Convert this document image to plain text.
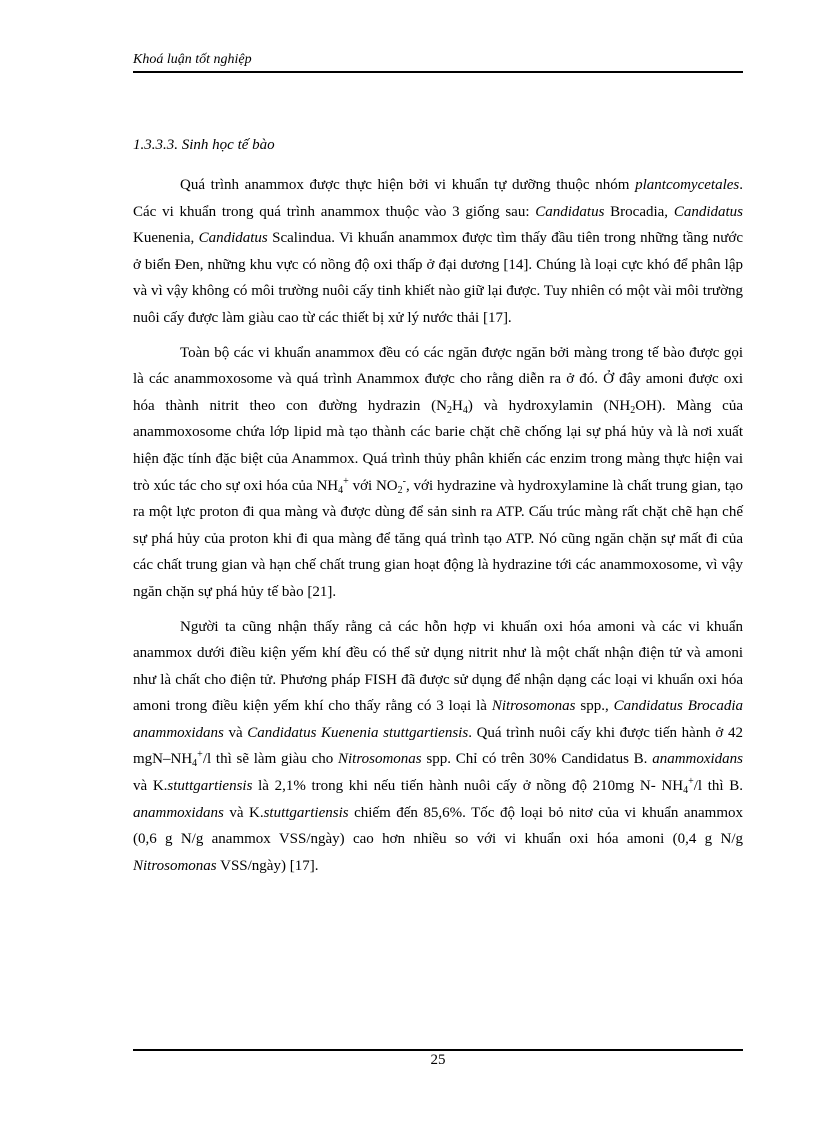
Khoá luận tốt nghiệp
1.3.3.3. Sinh học tế bào

Quá trình anammox được thực hiện bởi vi khuẩn tự dưỡng thuộc nhóm plantcomycetales. Các vi khuẩn trong quá trình anammox thuộc vào 3 giống sau: Candidatus Brocadia, Candidatus Kuenenia, Candidatus Scalindua. Vi khuẩn anammox được tìm thấy đầu tiên trong những tầng nước ở biển Đen, những khu vực có nồng độ oxi thấp ở đại dương [14]. Chúng là loại cực khó để phân lập và vì vậy không có môi trường nuôi cấy tinh khiết nào giữ lại được. Tuy nhiên có một vài môi trường nuôi cấy được làm giàu cao từ các thiết bị xử lý nước thải [17].

Toàn bộ các vi khuẩn anammox đều có các ngăn được ngăn bởi màng trong tế bào được gọi là các anammoxosome và quá trình Anammox được cho rằng diễn ra ở đó. Ở đây amoni được oxi hóa thành nitrit theo con đường hydrazin $(N_2H_4)$ và hydroxylamin $(NH_2OH)$. Màng của anammoxosome chứa lớp lipid mà tạo thành các barie chặt chẽ chống lại sự phá hủy và là nơi xuất hiện đặc tính đặc biệt của Anammox. Quá trình thủy phân khiến các enzim trong màng thực hiện vai trò xúc tác cho sự oxi hóa của $NH_4^+$ với $NO_2^-$, với hydrazine và hydroxylamine là chất trung gian, tạo ra một lực proton đi qua màng và được dùng để sản sinh ra ATP. Cấu trúc màng rất chặt chẽ hạn chế sự phá hủy của proton khi đi qua màng để tăng quá trình tạo ATP. Nó cũng ngăn chặn sự mất đi của các chất trung gian và hạn chế chất trung gian hoạt động là hydrazine tới các anammoxosome, vì vậy ngăn chặn sự phá hủy tế bào [21].

Người ta cũng nhận thấy rằng cả các hỗn hợp vi khuẩn oxi hóa amoni và các vi khuẩn anammox dưới điều kiện yếm khí đều có thể sử dụng nitrit như là một chất nhận điện tử và amoni như là chất cho điện tử. Phương pháp FISH đã được sử dụng để nhận dạng các loại vi khuẩn oxi hóa amoni trong điều kiện yếm khí cho thấy rằng có 3 loại là Nitrosomonas spp., Candidatus Brocadia anammoxidans và Candidatus Kuenenia stuttgartiensis. Quá trình nuôi cấy khi được tiến hành ở 42 mgN–$NH_4^+/l$ thì sẽ làm giàu cho Nitrosomonas spp. Chỉ có trên 30% Candidatus B. anammoxidans và K.stuttgartiensis là 2,1% trong khi nếu tiến hành nuôi cấy ở nồng độ 210mg N- $NH_4^+/l$ thì B. anammoxidans và K.stuttgartiensis chiếm đến 85,6%. Tốc độ loại bỏ nitơ của vi khuẩn anammox (0,6 g N/g anammox VSS/ngày) cao hơn nhiều so với vi khuẩn oxi hóa amoni (0,4 g N/g Nitrosomonas VSS/ngày) [17].

25
